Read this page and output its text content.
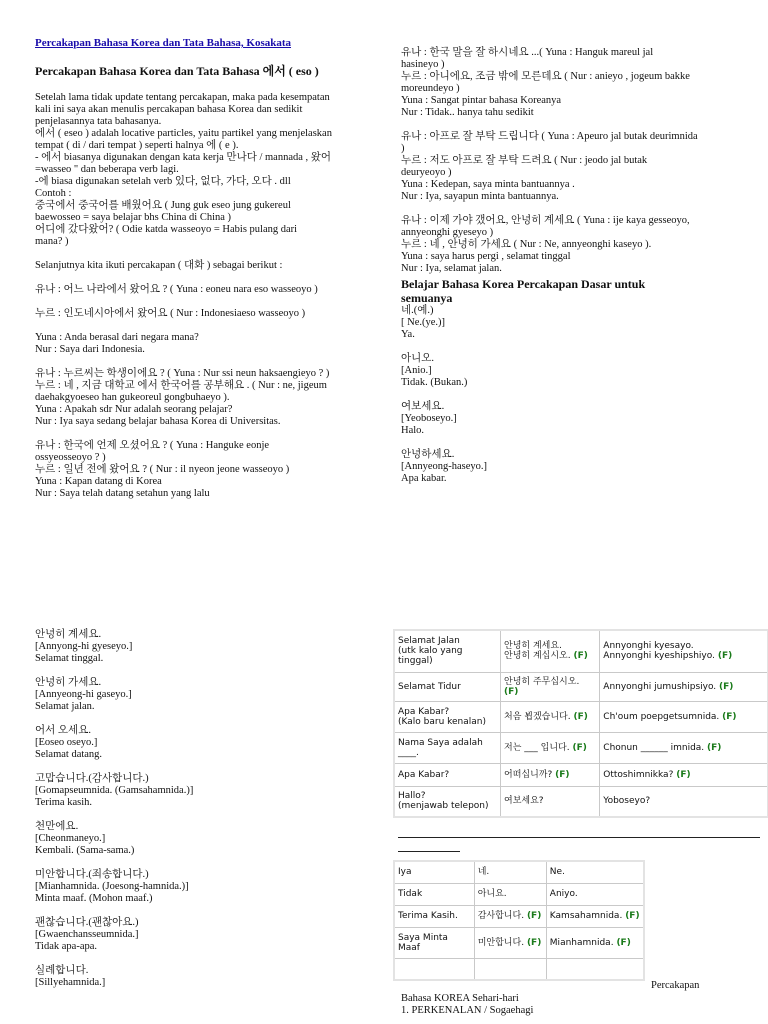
Percakapan Bahasa Korea dan Tata Bahasa, Kosakata
Percakapan Bahasa Korea dan Tata Bahasa 에서 ( eso )

Setelah lama tidak update tentang percakapan, maka pada kesempatan
kali ini saya akan menulis percakapan bahasa Korea dan sedikit
penjelasannya tata bahasanya.
에서 ( eseo ) adalah locative particles, yaitu partikel yang menjelaskan
tempat ( di / dari tempat ) seperti halnya 에 ( e ).
- 에서 biasanya digunakan dengan kata kerja 만나다 / mannada , 왔어
=wasseo " dan beberapa verb lagi.
-에 biasa digunakan setelah verb 있다, 없다, 가다, 오다 . dll
Contoh :
중국에서 중국어를 배웠어요 ( Jung guk eseo jung gukereul
baewosseo = saya belajar bhs China di China )
어디에 갔다왔어? ( Odie katda wasseoyo = Habis pulang dari
mana? )

Selanjutnya kita ikuti percakapan ( 대화 ) sebagai berikut :

유나 : 어느 나라에서 왔어요 ? ( Yuna : eoneu nara eso wasseoyo )

누르 : 인도네시아에서 왔어요 ( Nur : Indonesiaeso wasseoyo )

Yuna : Anda berasal dari negara mana?
Nur : Saya dari Indonesia.

유나 : 누르씨는 학생이에요 ? ( Yuna : Nur ssi neun haksaengieyo ? )
누르 : 네 , 지금 대학교 에서 한국어를 공부해요 . ( Nur : ne, jigeum
daehakgyoeseo han gukeoreul gongbuhaeyo ).
Yuna : Apakah sdr Nur adalah seorang pelajar?
Nur : Iya saya sedang belajar bahasa Korea di Universitas.

유나 : 한국에 언제 오셨어요 ? ( Yuna : Hanguke eonje
ossyeosseoyo ? )
누르 : 일년 전에 왔어요 ? ( Nur : il nyeon jeone wasseoyo )
Yuna : Kapan datang di Korea
Nur : Saya telah datang setahun yang lalu

유나 : 한국 말을 잘 하시네요 ...( Yuna : Hanguk mareul jal
hasineyo )
누르 : 아니에요, 조금 밖에 모른데요 ( Nur : anieyo , jogeum bakke
moreundeyo )
Yuna : Sangat pintar bahasa Koreanya
Nur : Tidak.. hanya tahu sedikit

유나 : 아프로 잘 부탁 드립니다 ( Yuna : Apeuro jal butak deurimnida
)
누르 : 저도 아프로 잘 부탁 드려요 ( Nur : jeodo jal butak
deuryeoyo )
Yuna : Kedepan, saya minta bantuannya .
Nur : Iya, sayapun minta bantuannya.

유나 : 이제 가야 갰어요, 안녕히 계세요 ( Yuna : ije kaya gesseoyo,
annyeonghi gyeseyo )
누르 : 네 , 안녕히 가세요 ( Nur : Ne, annyeonghi kaseyo ).
Yuna : saya harus pergi , selamat tinggal
Nur : Iya, selamat jalan.

Belajar Bahasa Korea Percakapan Dasar untuk
semuanya

네.(예.)
[ Ne.(ye.)]
Ya.

아니오.
[Anio.]
Tidak. (Bukan.)

여보세요.
[Yeoboseyo.]
Halo.

안녕하세요.
[Annyeong-haseyo.]
Apa kabar.

안녕히 계세요.
[Annyong-hi gyeseyo.]
Selamat tinggal.

안녕히 가세요.
[Annyeong-hi gaseyo.]
Selamat jalan.

어서 오세요.
[Eoseo oseyo.]
Selamat datang.

고맙습니다.(감사합니다.)
[Gomapseumnida. (Gamsahamnida.)]
Terima kasih.

천만에요.
[Cheonmaneyo.]
Kembali. (Sama-sama.)

미안합니다.(죄송합니다.)
[Mianhamnida. (Joesong-hamnida.)]
Minta maaf. (Mohon maaf.)

괜찮습니다.(괜찮아요.)
[Gwaenchansseumnida.]
Tidak apa-apa.

실례합니다.
[Sillyehamnida.]

Selamat Jalan
(utk kalo yang
tinggal)	안녕히 계세요.
안녕히 계십시오. (F)	Annyonghi kyesayo.
Annyonghi kyeshipshiyo. (F)
Selamat Tidur	안녕히 주무십시오. (F)	Annyonghi jumushipsiyo. (F)
Apa Kabar?
(Kalo baru kenalan)	처음 뵙겠습니다. (F)	Ch'oum poepgetsumnida. (F)
Nama Saya adalah
____.	저는 ___ 입니다. (F)	Chonun ______ imnida. (F)
Apa Kabar?	어떠십니까? (F)	Ottoshimnikka? (F)
Hallo?
(menjawab telepon)	여보세요?	Yoboseyo?
Iya	네.	Ne.
Tidak	아니요.	Aniyo.
Terima Kasih.	감사합니다. (F)	Kamsahamnida. (F)
Saya Minta
Maaf	미안합니다. (F)	Mianhamnida. (F)

Percakapan
Bahasa KOREA Sehari-hari
1. PERKENALAN / Sogaehagi
